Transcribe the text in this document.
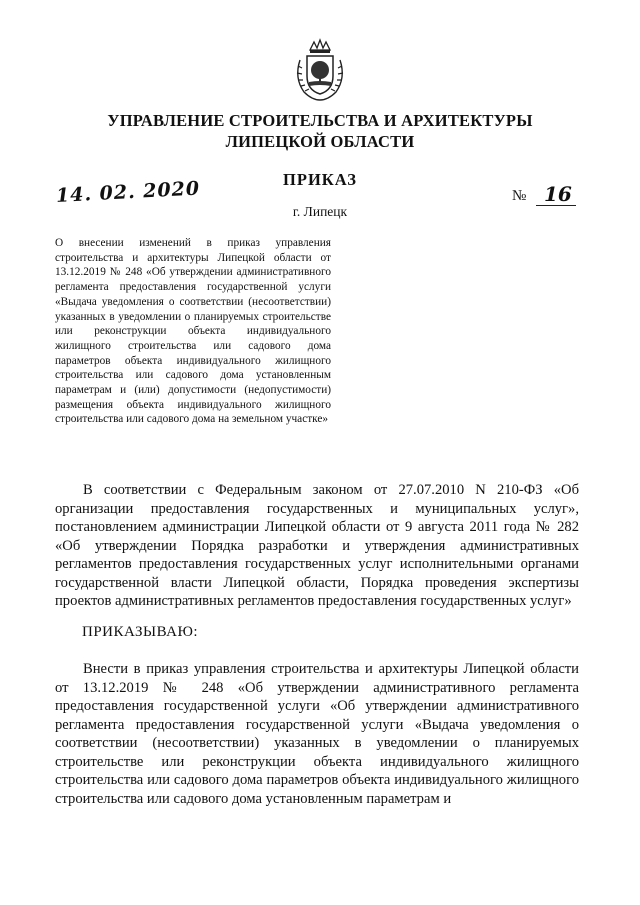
УПРАВЛЕНИЕ СТРОИТЕЛЬСТВА И АРХИТЕКТУРЫ
ЛИПЕЦКОЙ ОБЛАСТИ
ПРИКАЗ
14. 02. 2020	№ 16
г. Липецк
О внесении изменений в приказ управления строительства и архитектуры Липецкой области от 13.12.2019 № 248 «Об утверждении административного регламента предоставления государственной услуги «Выдача уведомления о соответствии (несоответствии) указанных в уведомлении о планируемых строительстве или реконструкции объекта индивидуального жилищного строительства или садового дома параметров объекта индивидуального жилищного строительства или садового дома установленным параметрам и (или) допустимости (недопустимости) размещения объекта индивидуального жилищного строительства или садового дома на земельном участке»
В соответствии с Федеральным законом от 27.07.2010 N 210-ФЗ «Об организации предоставления государственных и муниципальных услуг», постановлением администрации Липецкой области от 9 августа 2011 года № 282 «Об утверждении Порядка разработки и утверждения административных регламентов предоставления государственных услуг исполнительными органами государственной власти Липецкой области, Порядка проведения экспертизы проектов административных регламентов предоставления государственных услуг»
ПРИКАЗЫВАЮ:
Внести в приказ управления строительства и архитектуры Липецкой области от 13.12.2019 № 248 «Об утверждении административного регламента предоставления государственной услуги «Об утверждении административного регламента предоставления государственной услуги «Выдача уведомления о соответствии (несоответствии) указанных в уведомлении о планируемых строительстве или реконструкции объекта индивидуального жилищного строительства или садового дома параметров объекта индивидуального жилищного строительства или садового дома установленным параметрам и
